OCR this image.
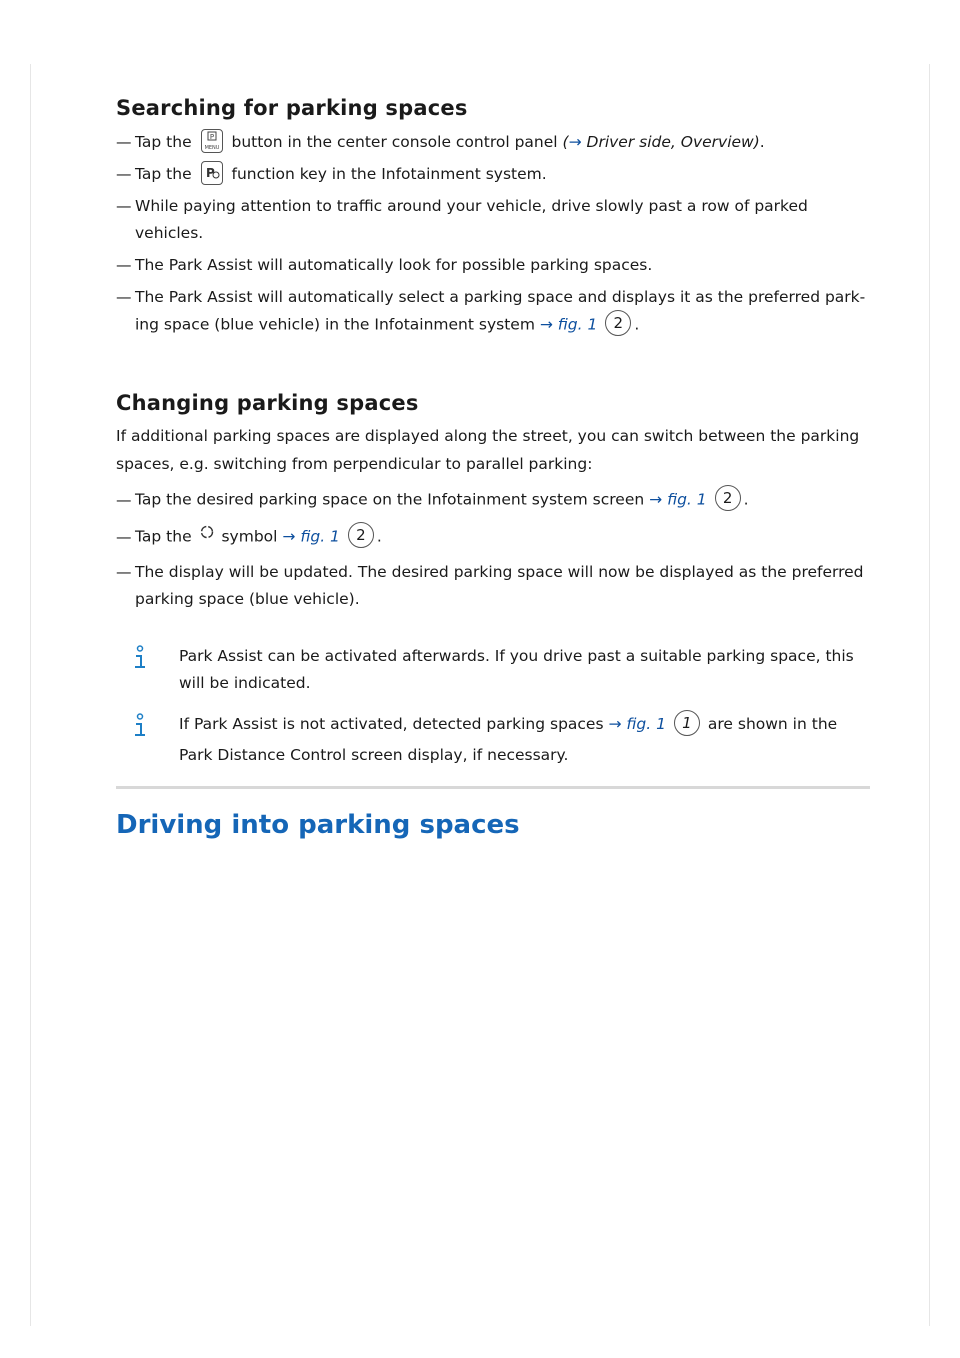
Searching for parking spaces
— Tap the	P
MENU button in the center console control panel (→ Driver side, Overview).
— Tap the P function key in the Infotainment system.
— While paying attention to traffic around your vehicle, drive slowly past a row of parked
vehicles.
— The Park Assist will automatically look for possible parking spaces.
— The Park Assist will automatically select a parking space and displays it as the preferred park-
ing space (blue vehicle) in the Infotainment system → fig. 1 2 .
Changing parking spaces
If additional parking spaces are displayed along the street, you can switch between the parking
spaces, e.g. switching from perpendicular to parallel parking:
— Tap the desired parking space on the Infotainment system screen → fig. 1 2 .
— Tap the symbol → fig. 1 2 .
— The display will be updated. The desired parking space will now be displayed as the preferred
parking space (blue vehicle).
Park Assist can be activated afterwards. If you drive past a suitable parking space, this
will be indicated.
If Park Assist is not activated, detected parking spaces → fig. 1 1 are shown in the
Park Distance Control screen display, if necessary.
Driving into parking spaces
